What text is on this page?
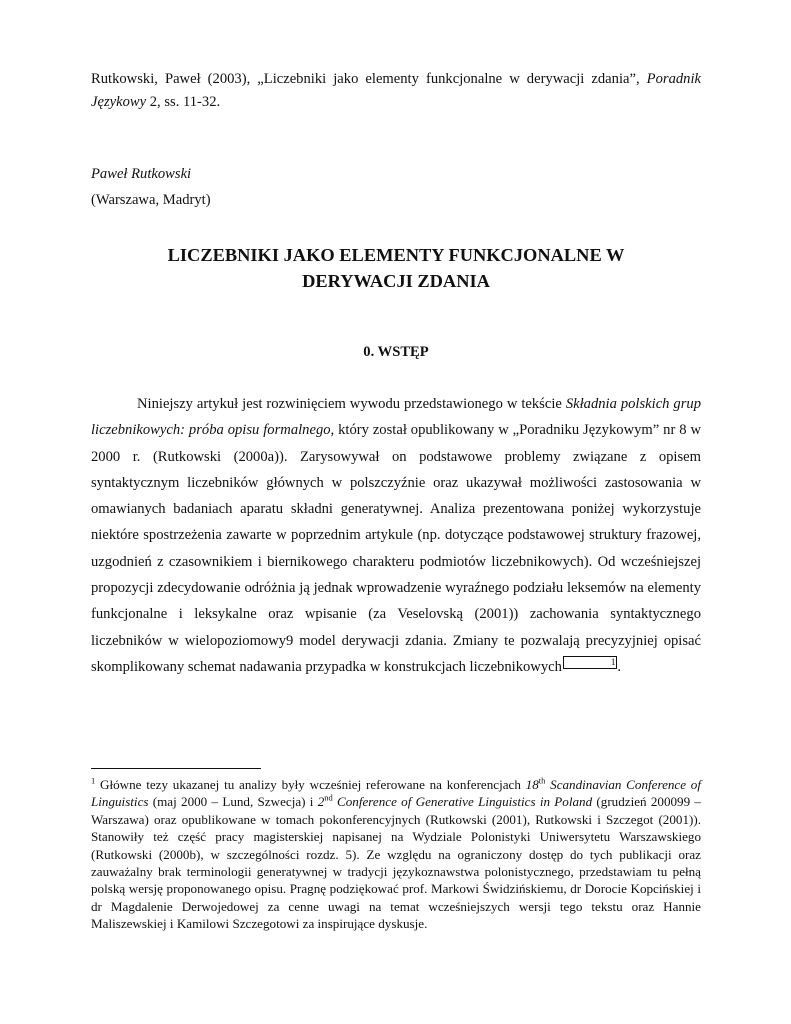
Rutkowski, Paweł (2003), „Liczebniki jako elementy funkcjonalne w derywacji zdania”, Poradnik Językowy 2, ss. 11-32.
Paweł Rutkowski
(Warszawa, Madryt)
LICZEBNIKI JAKO ELEMENTY FUNKCJONALNE W
DERYWACJI ZDANIA
0. WSTĘP

Niniejszy artykuł jest rozwinięciem wywodu przedstawionego w tekście Składnia polskich grup liczebnikowych: próba opisu formalnego, który został opublikowany w „Poradniku Językowym” nr 8 w 2000 r. (Rutkowski (2000a)). Zarysowywał on podstawowe problemy związane z opisem syntaktycznym liczebników głównych w polszczyźnie oraz ukazywał możliwości zastosowania w omawianych badaniach aparatu składni generatywnej. Analiza prezentowana poniżej wykorzystuje niektóre spostrzeżenia zawarte w poprzednim artykule (np. dotyczące podstawowej struktury frazowej, uzgodnień z czasownikiem i biernikowego charakteru podmiotów liczebnikowych). Od wcześniejszej propozycji zdecydowanie odróżnia ją jednak wprowadzenie wyraźnego podziału leksemów na elementy funkcjonalne i leksykalne oraz wpisanie (za Veselovską (2001)) zachowania syntaktycznego liczebników w wielopoziomowy9 model derywacji zdania. Zmiany te pozwalają precyzyjniej opisać skomplikowany schemat nadawania przypadka w konstrukcjach liczebnikowych	1 .

$^1$ Główne tezy ukazanej tu analizy były wcześniej referowane na konferencjach 18th Scandinavian Conference of Linguistics (maj 2000 – Lund, Szwecja) i 2nd Conference of Generative Linguistics in Poland (grudzień 200099 – Warszawa) oraz opublikowane w tomach pokonferencyjnych (Rutkowski (2001), Rutkowski i Szczegot (2001)). Stanowiły też część pracy magisterskiej napisanej na Wydziale Polonistyki Uniwersytetu Warszawskiego (Rutkowski (2000b), w szczególności rozdz. 5). Ze względu na ograniczony dostęp do tych publikacji oraz zauważalny brak terminologii generatywnej w tradycji językoznawstwa polonistycznego, przedstawiam tu pełną polską wersję proponowanego opisu. Pragnę podziękować prof. Markowi Świdzińskiemu, dr Dorocie Kopcińskiej i dr Magdalenie Derwojedowej za cenne uwagi na temat wcześniejszych wersji tego tekstu oraz Hannie Maliszewskiej i Kamilowi Szczegotowi za inspirujące dyskusje.
